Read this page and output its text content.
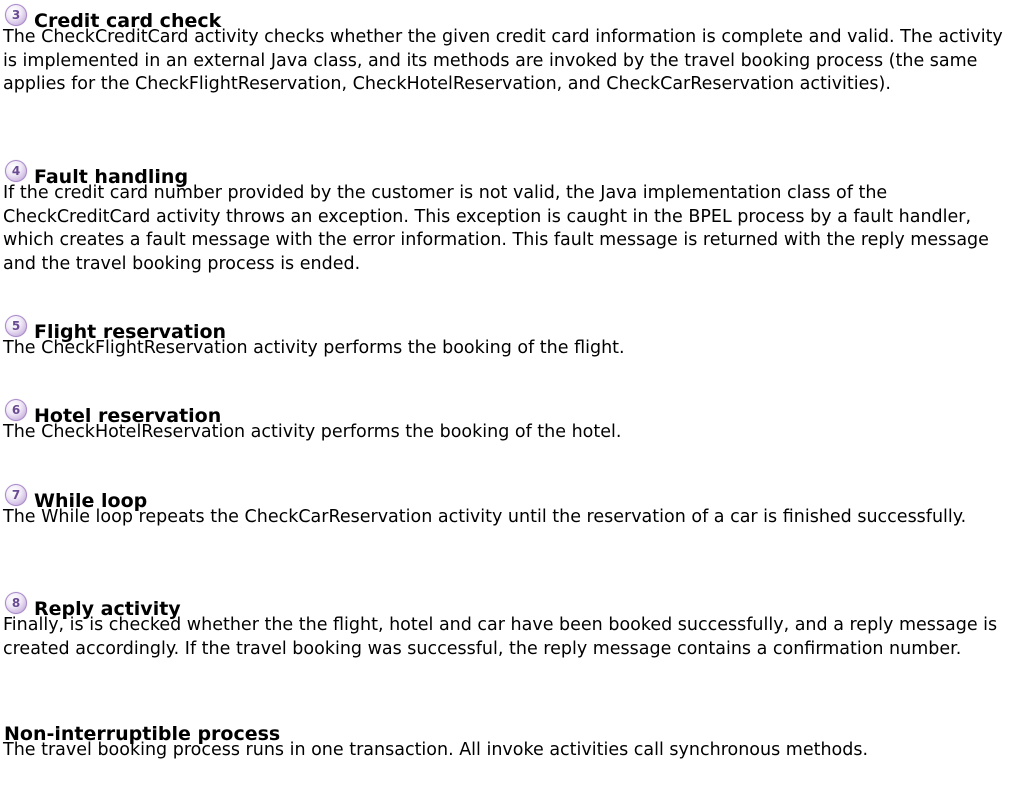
3 Credit card check

The CheckCreditCard activity checks whether the given credit card information is complete and valid. The activity is implemented in an external Java class, and its methods are invoked by the travel booking process (the same applies for the CheckFlightReservation, CheckHotelReservation, and CheckCarReservation activities).

4 Fault handling

If the credit card number provided by the customer is not valid, the Java implementation class of the CheckCreditCard activity throws an exception. This exception is caught in the BPEL process by a fault handler, which creates a fault message with the error information. This fault message is returned with the reply message and the travel booking process is ended.

5 Flight reservation

The CheckFlightReservation activity performs the booking of the flight.

6 Hotel reservation

The CheckHotelReservation activity performs the booking of the hotel.

7 While loop

The While loop repeats the CheckCarReservation activity until the reservation of a car is finished successfully.

8 Reply activity

Finally, is is checked whether the the flight, hotel and car have been booked successfully, and a reply message is created accordingly. If the travel booking was successful, the reply message contains a confirmation number.

Non-interruptible process

The travel booking process runs in one transaction. All invoke activities call synchronous methods.
